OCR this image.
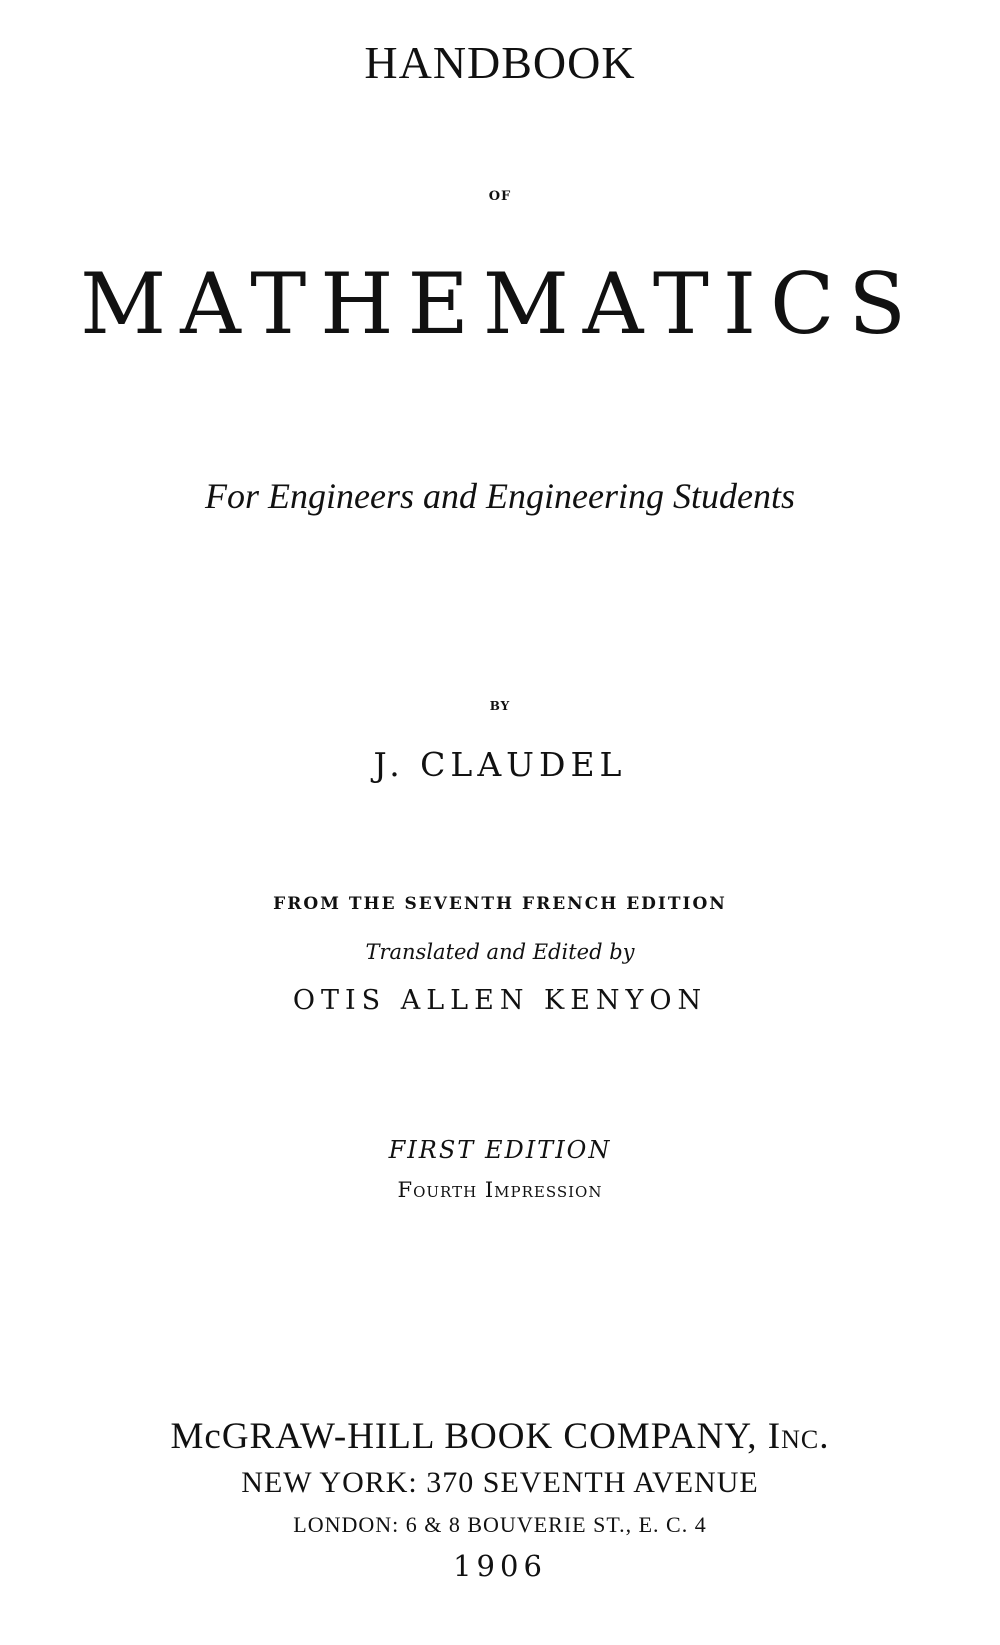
HANDBOOK
OF
MATHEMATICS
For Engineers and Engineering Students
BY
J. CLAUDEL
FROM THE SEVENTH FRENCH EDITION
Translated and Edited by
OTIS ALLEN KENYON
FIRST EDITION
Fourth Impression
McGRAW-HILL BOOK COMPANY, Inc.
NEW YORK: 370 SEVENTH AVENUE
LONDON: 6 & 8 BOUVERIE ST., E. C. 4
1906
